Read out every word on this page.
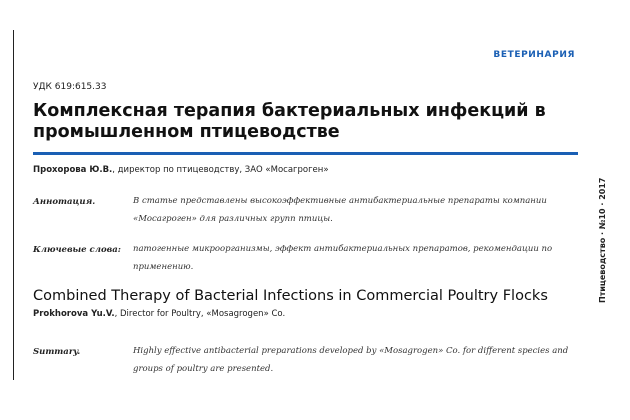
ВЕТЕРИНАРИЯ
Птицеводство · №10 · 2017
УДК 619:615.33
Комплексная терапия бактериальных инфекций в промышленном птицеводстве
Прохорова Ю.В., директор по птицеводству, ЗАО «Мосагроген»
Аннотация.	В статье представлены высокоэффективные антибактериальные препараты компании «Мосагроген» для различных групп птицы.
Ключевые слова: патогенные микроорганизмы, эффект антибактериальных препаратов, рекомендации по применению.
Combined Therapy of Bacterial Infections in Commercial Poultry Flocks
Prokhorova Yu.V., Director for Poultry, «Mosagrogen» Co.
Summary.	Highly effective antibacterial preparations developed by «Mosagrogen» Co. for different species and groups of poultry are presented.
